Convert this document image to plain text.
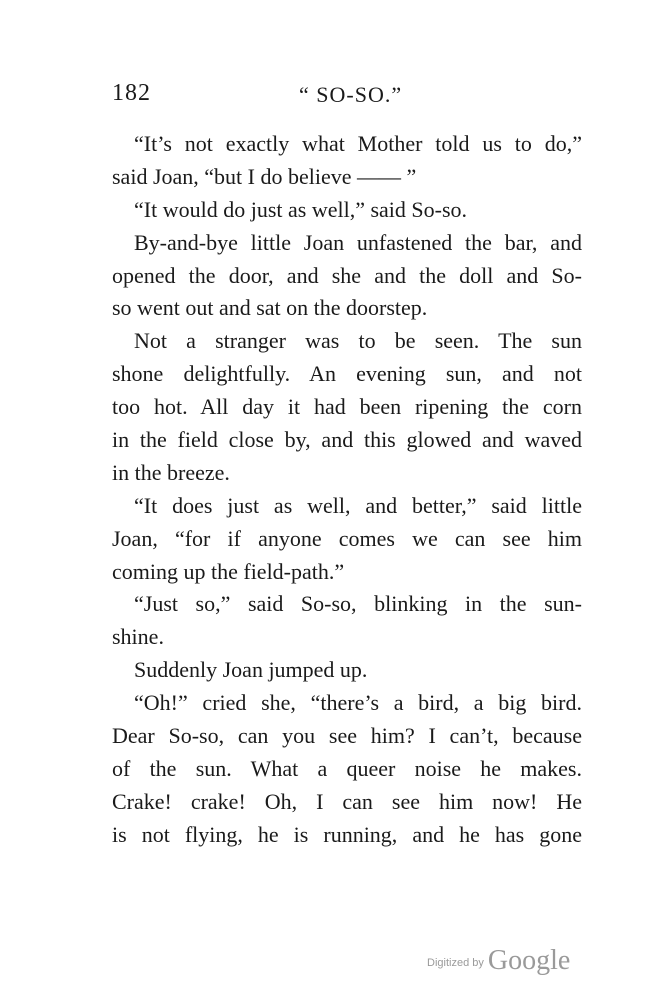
182	“ SO-SO.”
“It’s not exactly what Mother told us to do,”
said Joan, “but I do believe —— ”
“It would do just as well,” said So-so.
By-and-bye little Joan unfastened the bar, and
opened the door, and she and the doll and So-
so went out and sat on the doorstep.
Not a stranger was to be seen. The sun
shone delightfully. An evening sun, and not
too hot. All day it had been ripening the corn
in the field close by, and this glowed and waved
in the breeze.
“It does just as well, and better,” said little
Joan, “for if anyone comes we can see him
coming up the field-path.”
“Just so,” said So-so, blinking in the sun-
shine.
Suddenly Joan jumped up.
“Oh!” cried she, “there’s a bird, a big bird.
Dear So-so, can you see him? I can’t, because
of the sun. What a queer noise he makes.
Crake! crake! Oh, I can see him now! He
is not flying, he is running, and he has gone
Digitized by Google
